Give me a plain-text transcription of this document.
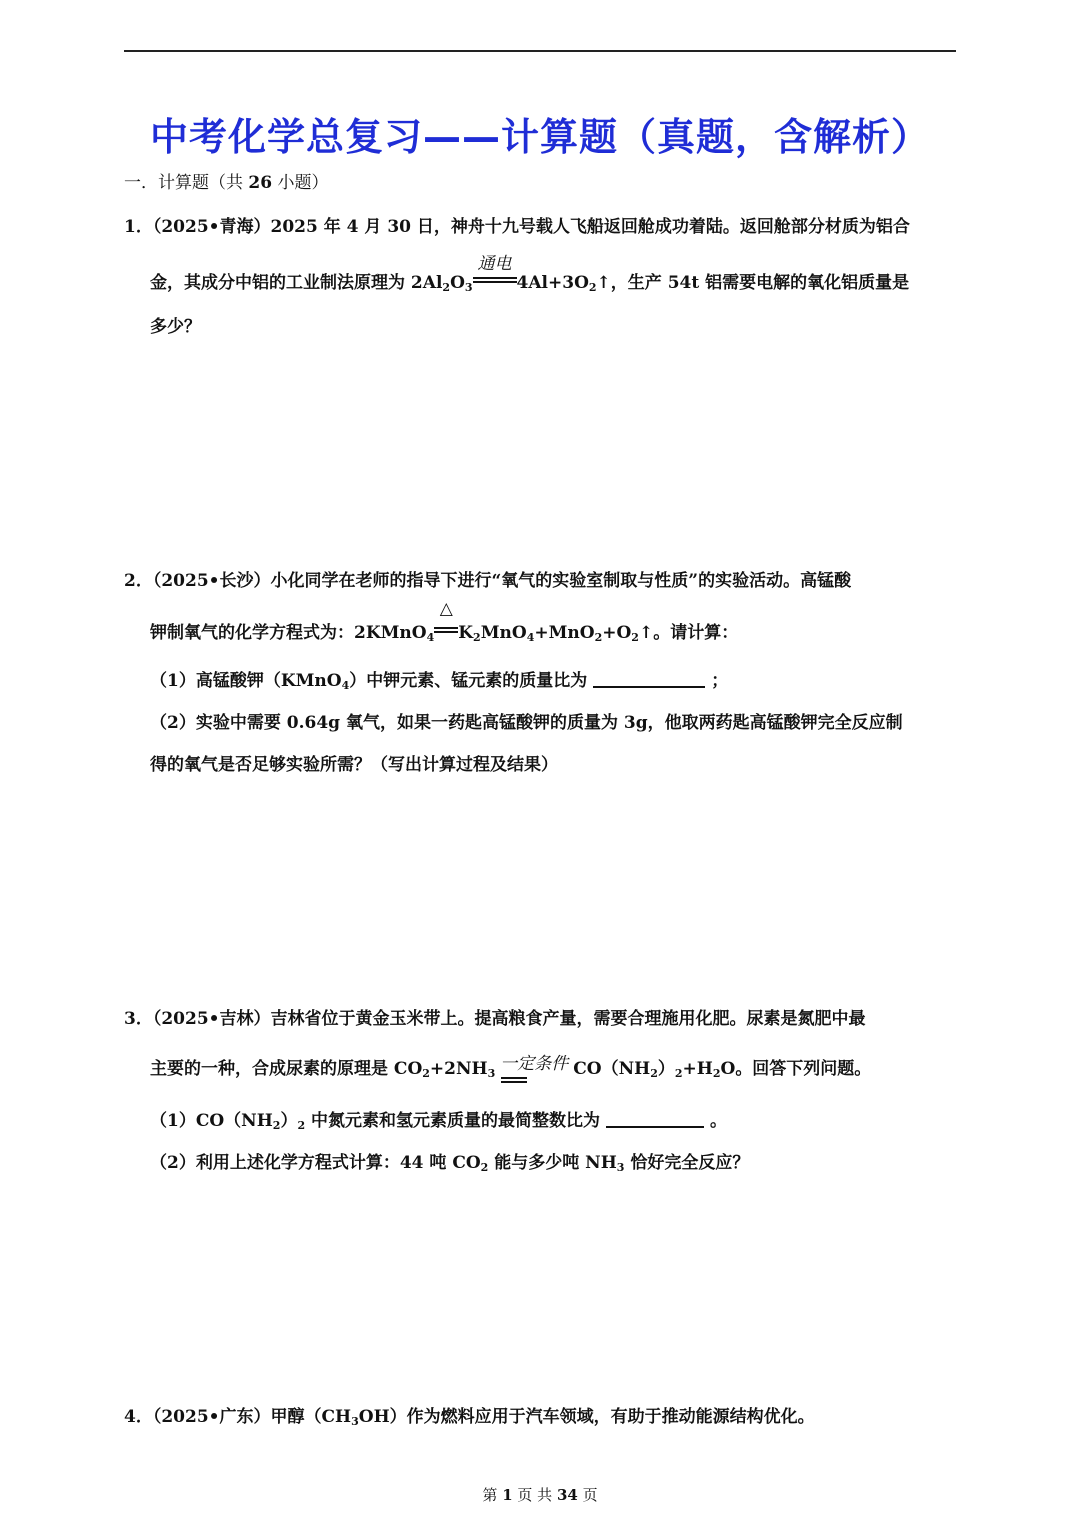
中考化学总复习——计算题（真题，含解析）
一．计算题（共 26 小题）
1．（2025•青海）2025 年 4 月 30 日，神舟十九号载人飞船返回舱成功着陆。返回舱部分材质为铝合
金，其成分中铝的工业制法原理为 $2Al_2O_3$
通电
$4Al+3O_2↑$，生产 54t 铝需要电解的氧化铝质量是
多少？
2．（2025•长沙）小化同学在老师的指导下进行“氧气的实验室制取与性质”的实验活动。高锰酸
钾制氧气的化学方程式为：2KMnO$_4$
△
$K_2MnO_4+MnO_2+O_2↑$。请计算：
（1）高锰酸钾（KMnO$_4$）中钾元素、锰元素的质量比为	；
（2）实验中需要 0.64g 氧气，如果一药匙高锰酸钾的质量为 3g，他取两药匙高锰酸钾完全反应制
得的氧气是否足够实验所需？（写出计算过程及结果）
3．（2025•吉林）吉林省位于黄金玉米带上。提高粮食产量，需要合理施用化肥。尿素是氮肥中最
主要的一种，合成尿素的原理是 $CO_2+2NH_3$ 一定条件 $CO(NH_2)_2+H_2O$。回答下列问题。
$(1)CO(NH_2)_2$ 中氮元素和氢元素质量的最简整数比为	。
（2）利用上述化学方程式计算：44 吨 $CO_2$ 能与多少吨 $NH_3$ 恰好完全反应？
4．（2025•广东）甲醇$(CH_3OH)$作为燃料应用于汽车领域，有助于推动能源结构优化。
第 1 页 共 34 页
